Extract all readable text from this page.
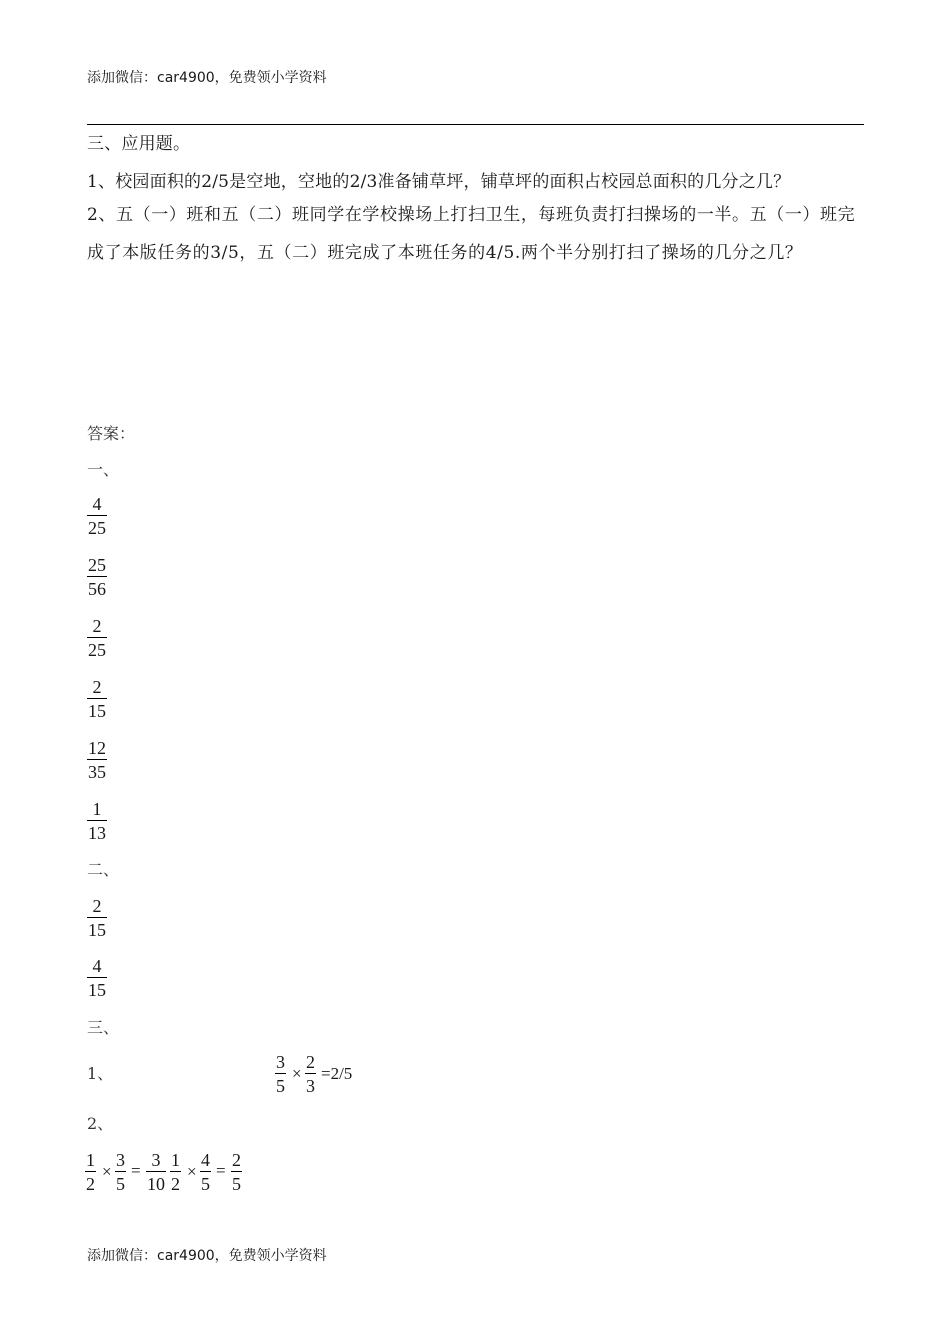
添加微信：car4900，免费领小学资料
三、应用题。
1、校园面积的2/5是空地，空地的2/3准备铺草坪，铺草坪的面积占校园总面积的几分之几？
2、五（一）班和五（二）班同学在学校操场上打扫卫生，每班负责打扫操场的一半。五（一）班完成了本版任务的3/5，五（二）班完成了本班任务的4/5.两个半分别打扫了操场的几分之几？
答案：
一、
4
25
25
56
2
25
2
15
12
35
1
13
二、
2
15
4
15
三、
1、
3
5
×
2
3
=2/5
2、
1
2
×
3
5
=
3
10
1
2
×
4
5
=
2
5
添加微信：car4900，免费领小学资料
